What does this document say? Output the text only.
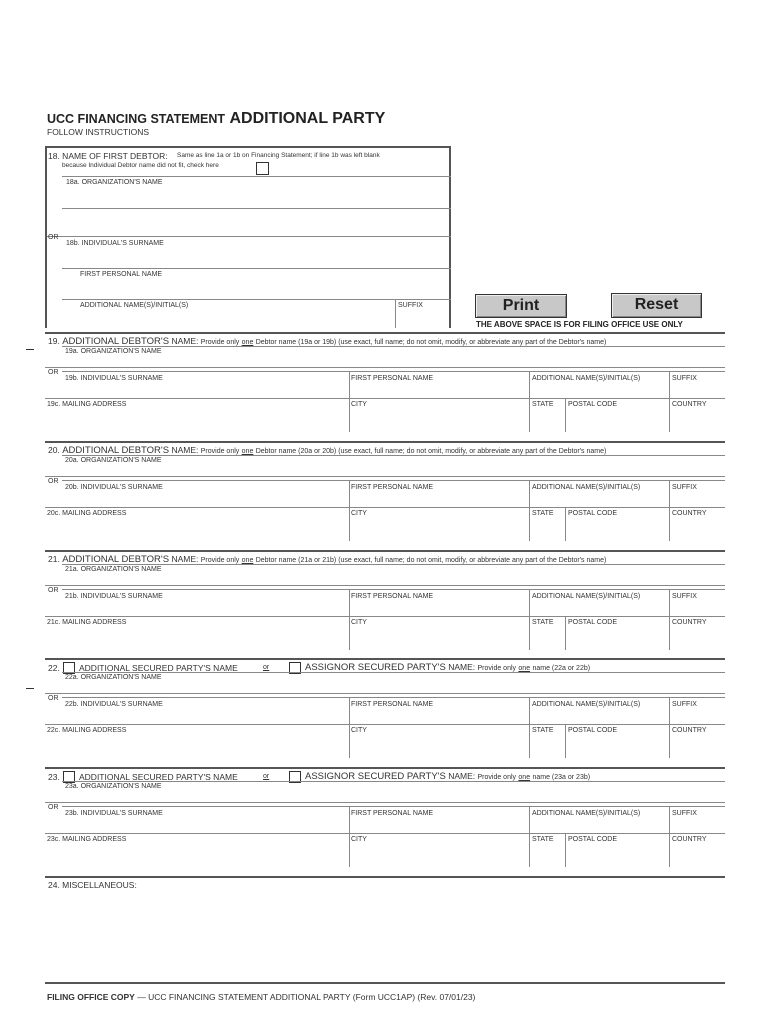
UCC FINANCING STATEMENT ADDITIONAL PARTY
FOLLOW INSTRUCTIONS
18. NAME OF FIRST DEBTOR: Same as line 1a or 1b on Financing Statement; if line 1b was left blank
because Individual Debtor name did not fit, check here
18a. ORGANIZATION'S NAME
OR
18b. INDIVIDUAL'S SURNAME
FIRST PERSONAL NAME
ADDITIONAL NAME(S)/INITIAL(S)	SUFFIX	Print	Reset
THE ABOVE SPACE IS FOR FILING OFFICE USE ONLY
19. ADDITIONAL DEBTOR'S NAME: Provide only one Debtor name (19a or 19b) (use exact, full name; do not omit, modify, or abbreviate any part of the Debtor's name)
19a. ORGANIZATION'S NAME
OR
19b. INDIVIDUAL'S SURNAME	FIRST PERSONAL NAME	ADDITIONAL NAME(S)/INITIAL(S)	SUFFIX
19c. MAILING ADDRESS	CITY	STATE POSTAL CODE	COUNTRY
20. ADDITIONAL DEBTOR'S NAME: Provide only one Debtor name (20a or 20b) (use exact, full name; do not omit, modify, or abbreviate any part of the Debtor's name)
20a. ORGANIZATION'S NAME
OR
20b. INDIVIDUAL'S SURNAME	FIRST PERSONAL NAME	ADDITIONAL NAME(S)/INITIAL(S)	SUFFIX
20c. MAILING ADDRESS	CITY	STATE POSTAL CODE	COUNTRY
21. ADDITIONAL DEBTOR'S NAME: Provide only one Debtor name (21a or 21b) (use exact, full name; do not omit, modify, or abbreviate any part of the Debtor's name)
21a. ORGANIZATION'S NAME
OR
21b. INDIVIDUAL'S SURNAME	FIRST PERSONAL NAME	ADDITIONAL NAME(S)/INITIAL(S)	SUFFIX
21c. MAILING ADDRESS	CITY	STATE POSTAL CODE	COUNTRY
22. ADDITIONAL SECURED PARTY'S NAME	or	ASSIGNOR SECURED PARTY'S NAME: Provide only one name (22a or 22b)
22a. ORGANIZATION'S NAME
OR
22b. INDIVIDUAL'S SURNAME	FIRST PERSONAL NAME	ADDITIONAL NAME(S)/INITIAL(S)	SUFFIX
22c. MAILING ADDRESS	CITY	STATE POSTAL CODE	COUNTRY
23. ADDITIONAL SECURED PARTY'S NAME	or	ASSIGNOR SECURED PARTY'S NAME: Provide only one name (23a or 23b)
23a. ORGANIZATION'S NAME
OR
23b. INDIVIDUAL'S SURNAME	FIRST PERSONAL NAME	ADDITIONAL NAME(S)/INITIAL(S)	SUFFIX
23c. MAILING ADDRESS	CITY	STATE POSTAL CODE	COUNTRY
24. MISCELLANEOUS:
FILING OFFICE COPY — UCC FINANCING STATEMENT ADDITIONAL PARTY (Form UCC1AP) (Rev. 07/01/23)
